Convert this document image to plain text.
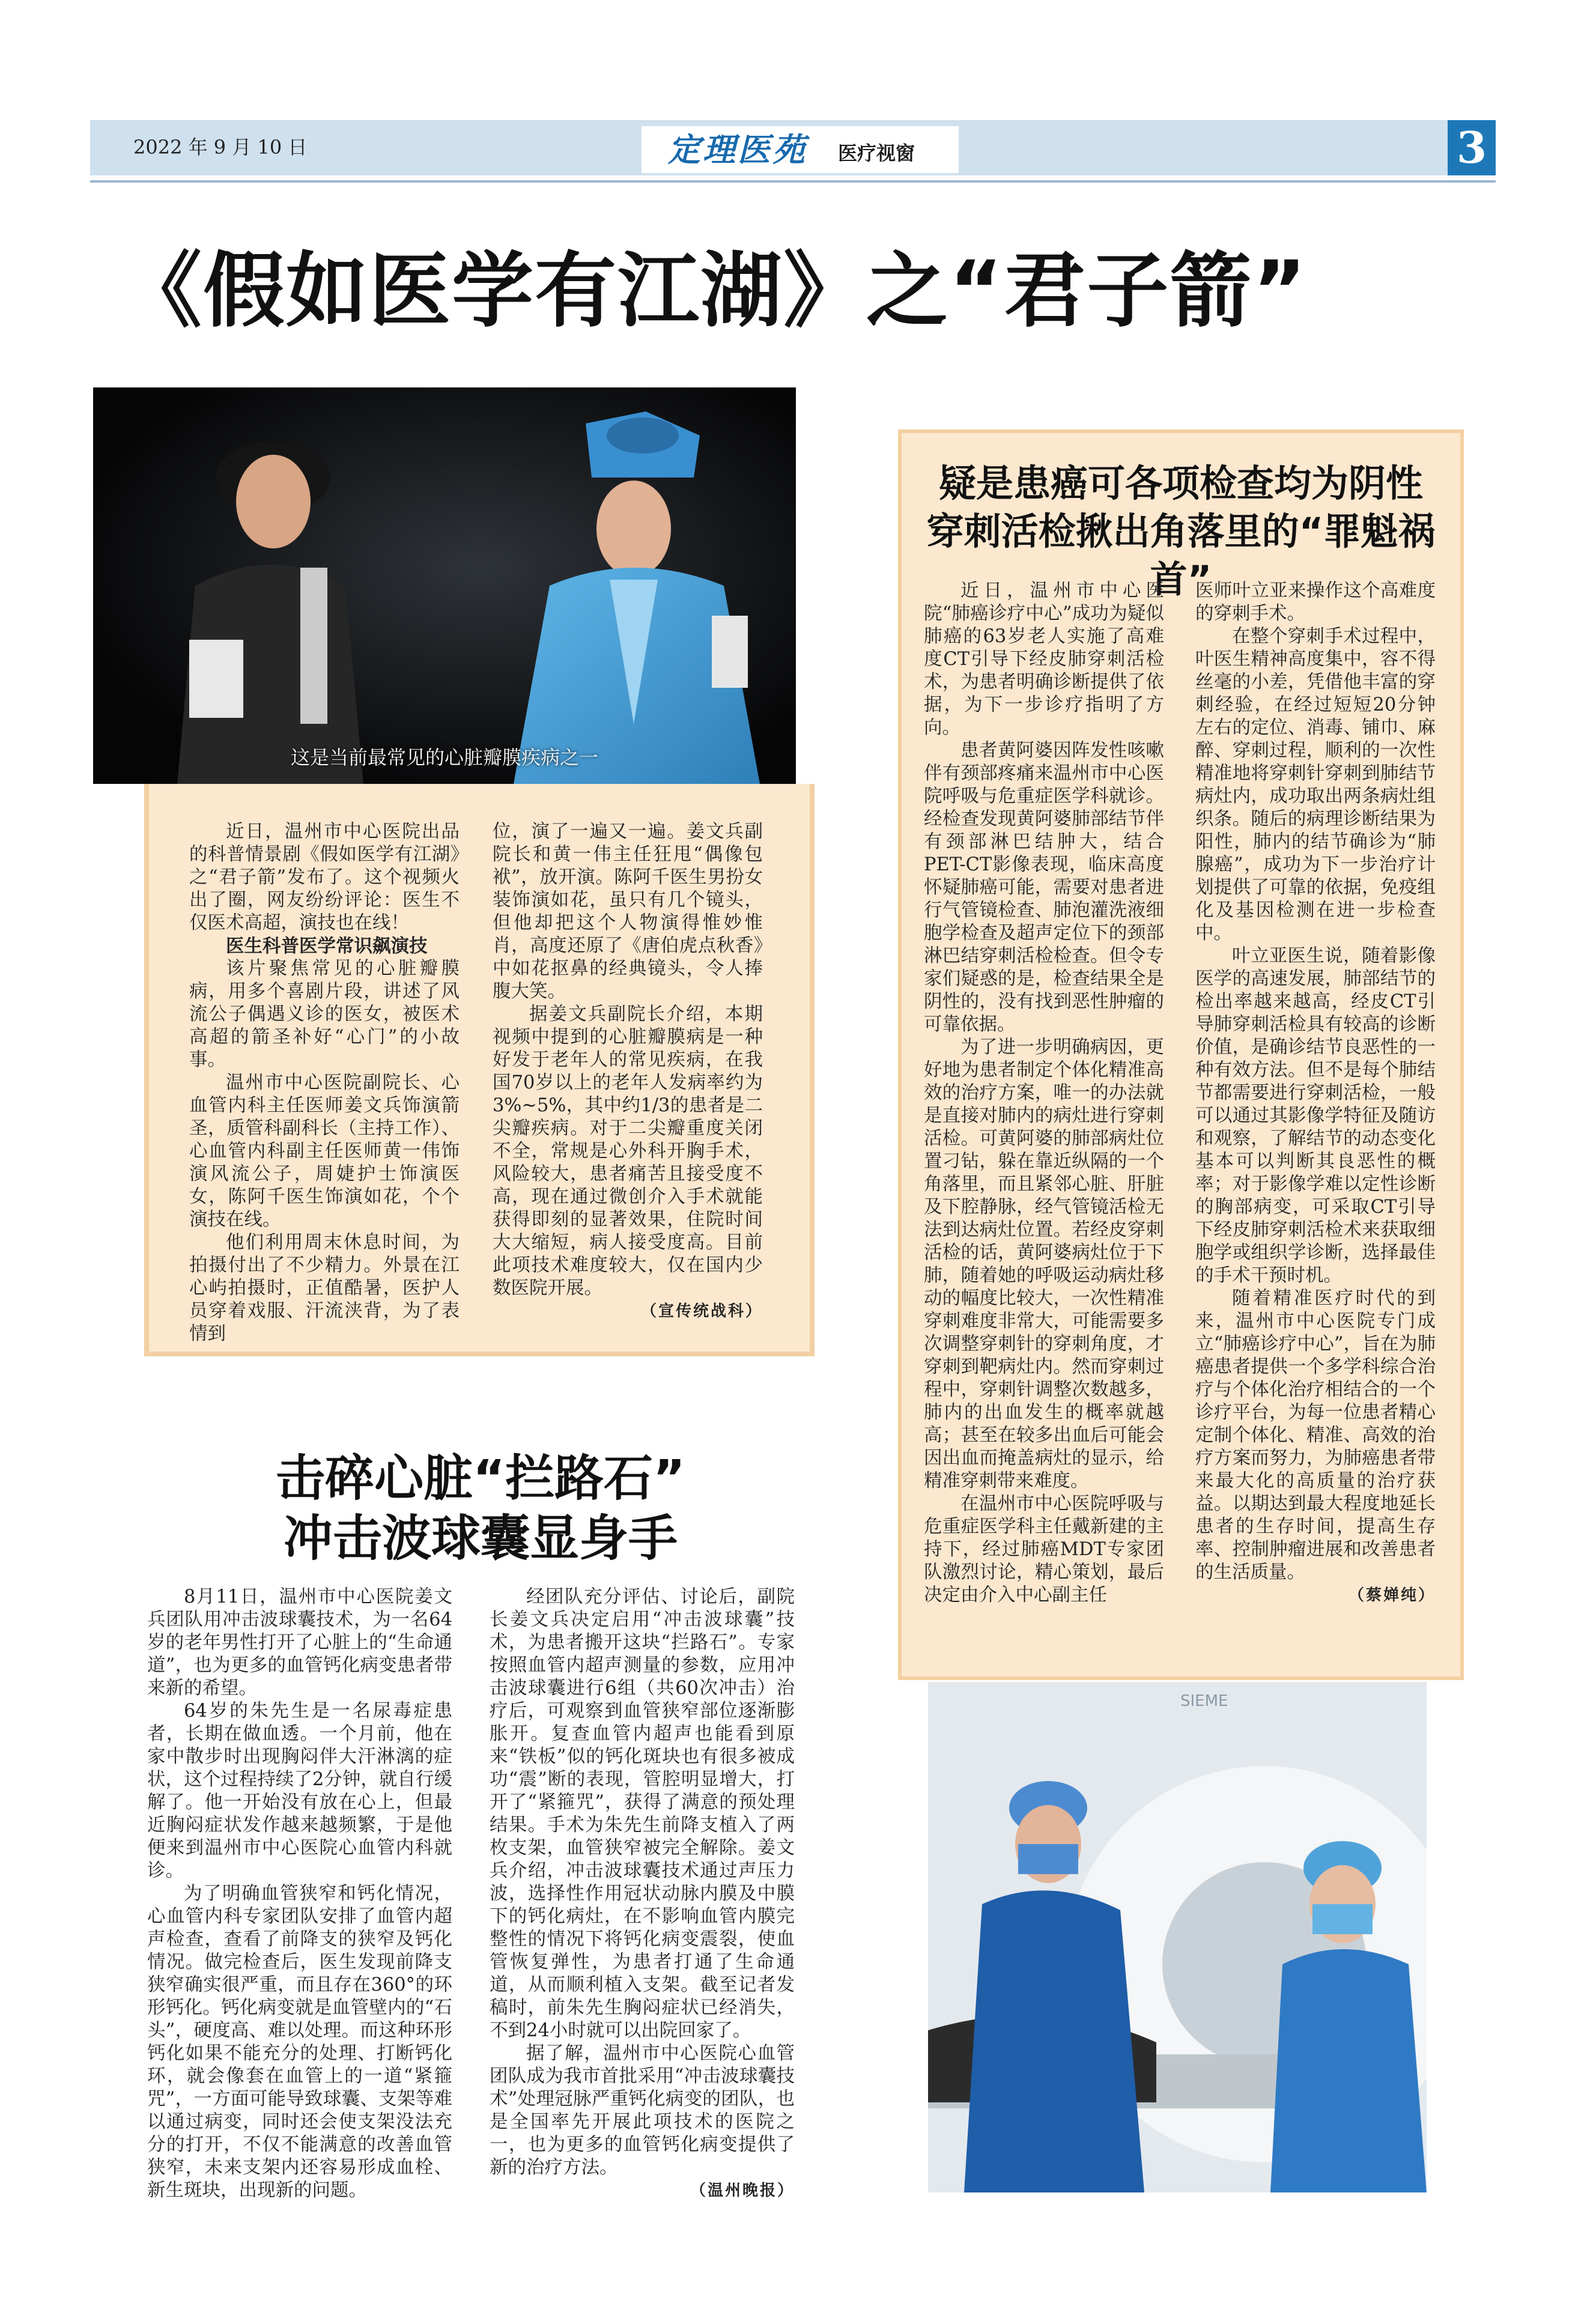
2022 年 9 月 10 日	定理医苑 医疗视窗	3
《假如医学有江湖》之“君子箭”
这是当前最常见的心脏瓣膜疾病之一

近日，温州市中心医院出品的科普情景剧《假如医学有江湖》之“君子箭”发布了。这个视频火出了圈，网友纷纷评论：医生不仅医术高超，演技也在线！

医生科普医学常识飙演技

该片聚焦常见的心脏瓣膜病，用多个喜剧片段，讲述了风流公子偶遇义诊的医女，被医术高超的箭圣补好“心门”的小故事。

温州市中心医院副院长、心血管内科主任医师姜文兵饰演箭圣，质管科副科长（主持工作）、心血管内科副主任医师黄一伟饰演风流公子，周婕护士饰演医女，陈阿千医生饰演如花，个个演技在线。

他们利用周末休息时间，为拍摄付出了不少精力。外景在江心屿拍摄时，正值酷暑，医护人员穿着戏服、汗流浃背，为了表情到

位，演了一遍又一遍。姜文兵副院长和黄一伟主任狂甩“偶像包袱”，放开演。陈阿千医生男扮女装饰演如花，虽只有几个镜头，但他却把这个人物演得惟妙惟肖，高度还原了《唐伯虎点秋香》中如花抠鼻的经典镜头，令人捧腹大笑。

据姜文兵副院长介绍，本期视频中提到的心脏瓣膜病是一种好发于老年人的常见疾病，在我国70岁以上的老年人发病率约为3%~5%，其中约1/3的患者是二尖瓣疾病。对于二尖瓣重度关闭不全，常规是心外科开胸手术，风险较大，患者痛苦且接受度不高，现在通过微创介入手术就能获得即刻的显著效果，住院时间大大缩短，病人接受度高。目前此项技术难度较大，仅在国内少数医院开展。

（宣传统战科）
击碎心脏“拦路石”
冲击波球囊显身手

8月11日，温州市中心医院姜文兵团队用冲击波球囊技术，为一名64岁的老年男性打开了心脏上的“生命通道”，也为更多的血管钙化病变患者带来新的希望。

64岁的朱先生是一名尿毒症患者，长期在做血透。一个月前，他在家中散步时出现胸闷伴大汗淋漓的症状，这个过程持续了2分钟，就自行缓解了。他一开始没有放在心上，但最近胸闷症状发作越来越频繁，于是他便来到温州市中心医院心血管内科就诊。

为了明确血管狭窄和钙化情况，心血管内科专家团队安排了血管内超声检查，查看了前降支的狭窄及钙化情况。做完检查后，医生发现前降支狭窄确实很严重，而且存在360°的环形钙化。钙化病变就是血管壁内的“石头”，硬度高、难以处理。而这种环形钙化如果不能充分的处理、打断钙化环，就会像套在血管上的一道“紧箍咒”，一方面可能导致球囊、支架等难以通过病变，同时还会使支架没法充分的打开，不仅不能满意的改善血管狭窄，未来支架内还容易形成血栓、新生斑块，出现新的问题。

经团队充分评估、讨论后，副院长姜文兵决定启用“冲击波球囊”技术，为患者搬开这块“拦路石”。专家按照血管内超声测量的参数，应用冲击波球囊进行6组（共60次冲击）治疗后，可观察到血管狭窄部位逐渐膨胀开。复查血管内超声也能看到原来“铁板”似的钙化斑块也有很多被成功“震”断的表现，管腔明显增大，打开了“紧箍咒”，获得了满意的预处理结果。手术为朱先生前降支植入了两枚支架，血管狭窄被完全解除。姜文兵介绍，冲击波球囊技术通过声压力波，选择性作用冠状动脉内膜及中膜下的钙化病灶，在不影响血管内膜完整性的情况下将钙化病变震裂，使血管恢复弹性，为患者打通了生命通道，从而顺利植入支架。截至记者发稿时，前朱先生胸闷症状已经消失，不到24小时就可以出院回家了。

据了解，温州市中心医院心血管团队成为我市首批采用“冲击波球囊技术”处理冠脉严重钙化病变的团队，也是全国率先开展此项技术的医院之一，也为更多的血管钙化病变提供了新的治疗方法。

（温州晚报）
疑是患癌可各项检查均为阴性
穿刺活检揪出角落里的“罪魁祸首”

近日，温州市中心医院“肺癌诊疗中心”成功为疑似肺癌的63岁老人实施了高难度CT引导下经皮肺穿刺活检术，为患者明确诊断提供了依据，为下一步诊疗指明了方向。

患者黄阿婆因阵发性咳嗽伴有颈部疼痛来温州市中心医院呼吸与危重症医学科就诊。经检查发现黄阿婆肺部结节伴有颈部淋巴结肿大，结合PET-CT影像表现，临床高度怀疑肺癌可能，需要对患者进行气管镜检查、肺泡灌洗液细胞学检查及超声定位下的颈部淋巴结穿刺活检检查。但令专家们疑惑的是，检查结果全是阴性的，没有找到恶性肿瘤的可靠依据。

为了进一步明确病因，更好地为患者制定个体化精准高效的治疗方案，唯一的办法就是直接对肺内的病灶进行穿刺活检。可黄阿婆的肺部病灶位置刁钻，躲在靠近纵隔的一个角落里，而且紧邻心脏、肝脏及下腔静脉，经气管镜活检无法到达病灶位置。若经皮穿刺活检的话，黄阿婆病灶位于下肺，随着她的呼吸运动病灶移动的幅度比较大，一次性精准穿刺难度非常大，可能需要多次调整穿刺针的穿刺角度，才穿刺到靶病灶内。然而穿刺过程中，穿刺针调整次数越多，肺内的出血发生的概率就越高；甚至在较多出血后可能会因出血而掩盖病灶的显示，给精准穿刺带来难度。

在温州市中心医院呼吸与危重症医学科主任戴新建的主持下，经过肺癌MDT专家团队激烈讨论，精心策划，最后决定由介入中心副主任

医师叶立亚来操作这个高难度的穿刺手术。

在整个穿刺手术过程中，叶医生精神高度集中，容不得丝毫的小差，凭借他丰富的穿刺经验，在经过短短20分钟左右的定位、消毒、铺巾、麻醉、穿刺过程，顺利的一次性精准地将穿刺针穿刺到肺结节病灶内，成功取出两条病灶组织条。随后的病理诊断结果为阳性，肺内的结节确诊为“肺腺癌”，成功为下一步治疗计划提供了可靠的依据，免疫组化及基因检测在进一步检查中。

叶立亚医生说，随着影像医学的高速发展，肺部结节的检出率越来越高，经皮CT引导肺穿刺活检具有较高的诊断价值，是确诊结节良恶性的一种有效方法。但不是每个肺结节都需要进行穿刺活检，一般可以通过其影像学特征及随访和观察，了解结节的动态变化基本可以判断其良恶性的概率；对于影像学难以定性诊断的胸部病变，可采取CT引导下经皮肺穿刺活检术来获取细胞学或组织学诊断，选择最佳的手术干预时机。

随着精准医疗时代的到来，温州市中心医院专门成立“肺癌诊疗中心”，旨在为肺癌患者提供一个多学科综合治疗与个体化治疗相结合的一个诊疗平台，为每一位患者精心定制个体化、精准、高效的治疗方案而努力，为肺癌患者带来最大化的高质量的治疗获益。以期达到最大程度地延长患者的生存时间，提高生存率、控制肿瘤进展和改善患者的生活质量。

（蔡婵纯）
SIEME
